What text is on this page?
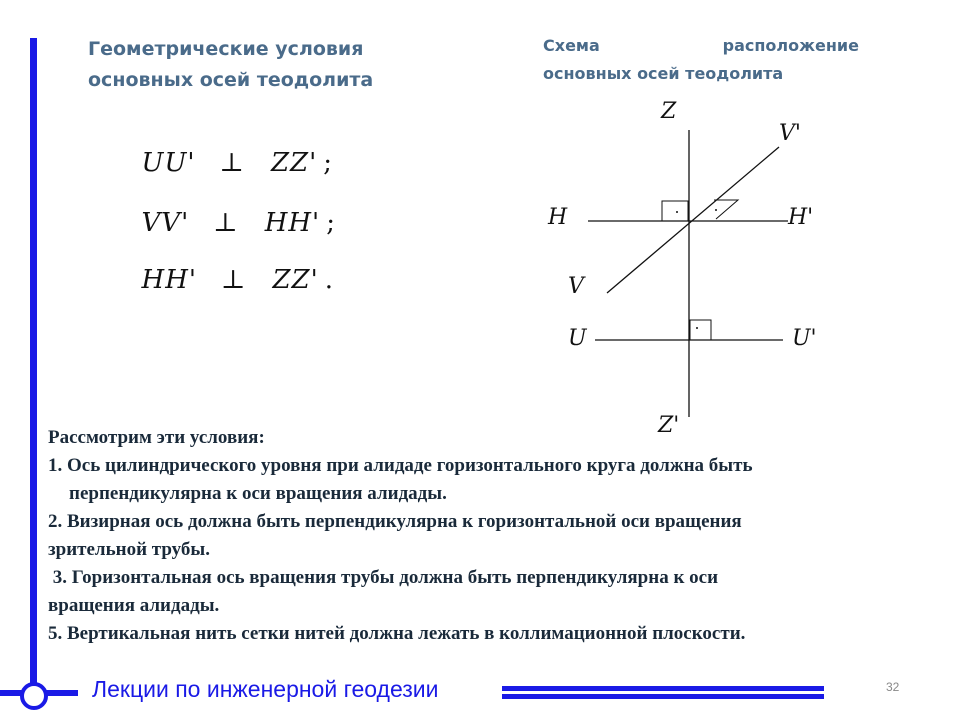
Геометрические условия
основных осей теодолита
Схема	расположение
основных осей теодолита

UU' ⊥ ZZ' ;

VV' ⊥ HH' ;

HH' ⊥ ZZ' .

Z
V'
H	H'
V
U	U'
Z'
Рассмотрим эти условия:
1. Ось цилиндрического уровня при алидаде горизонтального круга должна быть
перпендикулярна к оси вращения алидады.
2. Визирная ось должна быть перпендикулярна к горизонтальной оси вращения
зрительной трубы.
3. Горизонтальная ось вращения трубы должна быть перпендикулярна к оси
вращения алидады.
5. Вертикальная нить сетки нитей должна лежать в коллимационной плоскости.
32
Лекции по инженерной геодезии
